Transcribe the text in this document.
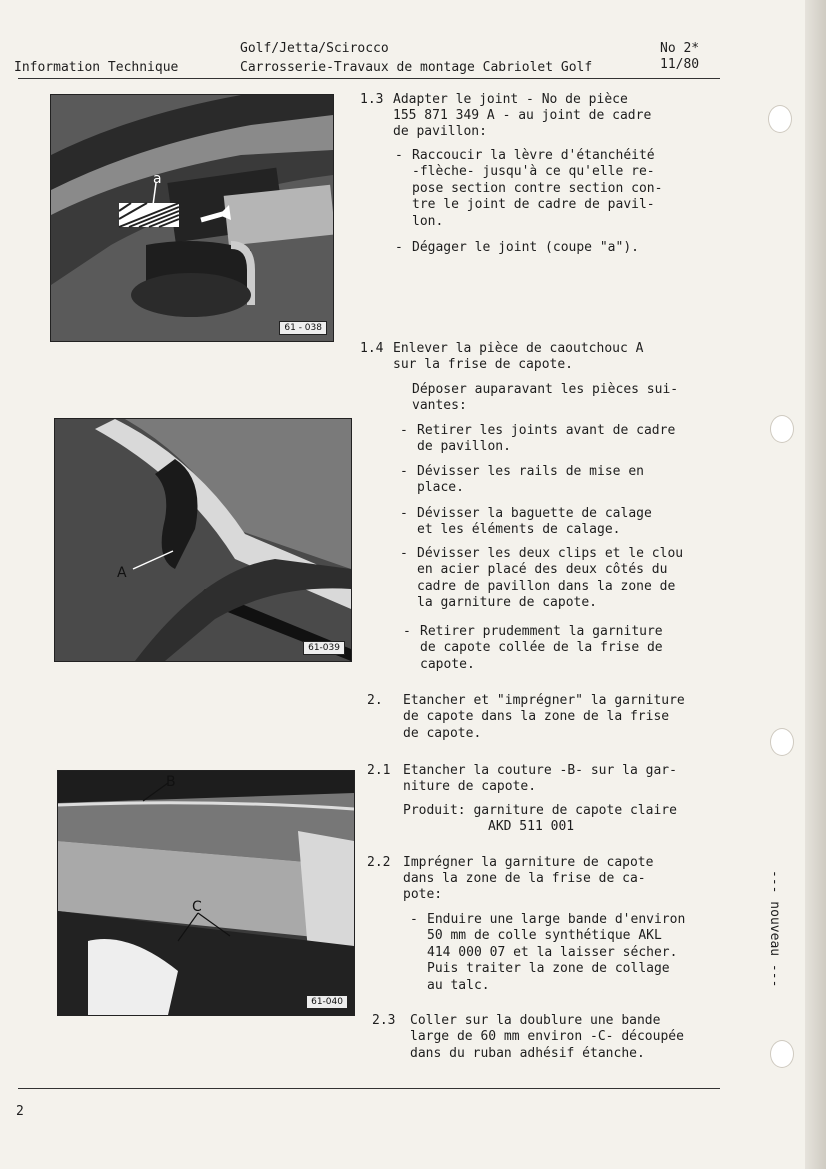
Information Technique
Golf/Jetta/Scirocco
Carrosserie-Travaux de montage Cabriolet Golf
No 2*
11/80
a
61 - 038
A
61-039
B
C
61-040
1.3 Adapter le joint - No de pièce
155 871 349 A - au joint de cadre
de pavillon:
- Raccoucir la lèvre d'étanchéité
-flèche- jusqu'à ce qu'elle re-
pose section contre section con-
tre le joint de cadre de pavil-
lon.
- Dégager le joint (coupe "a").
1.4 Enlever la pièce de caoutchouc A
sur la frise de capote.
Déposer auparavant les pièces sui-
vantes:
- Retirer les joints avant de cadre
de pavillon.
- Dévisser les rails de mise en
place.
- Dévisser la baguette de calage
et les éléments de calage.
- Dévisser les deux clips et le clou
en acier placé des deux côtés du
cadre de pavillon dans la zone de
la garniture de capote.
- Retirer prudemment la garniture
de capote collée de la frise de
capote.
2. Etancher et "imprégner" la garniture
de capote dans la zone de la frise
de capote.
2.1 Etancher la couture -B- sur la gar-
niture de capote.
Produit: garniture de capote claire
AKD 511 001
2.2 Imprégner la garniture de capote
dans la zone de la frise de ca-
pote:
- Enduire une large bande d'environ
50 mm de colle synthétique AKL
414 000 07 et la laisser sécher.
Puis traiter la zone de collage
au talc.
2.3 Coller sur la doublure une bande
large de 60 mm environ -C- découpée
dans du ruban adhésif étanche.
--- nouveau ---
2
